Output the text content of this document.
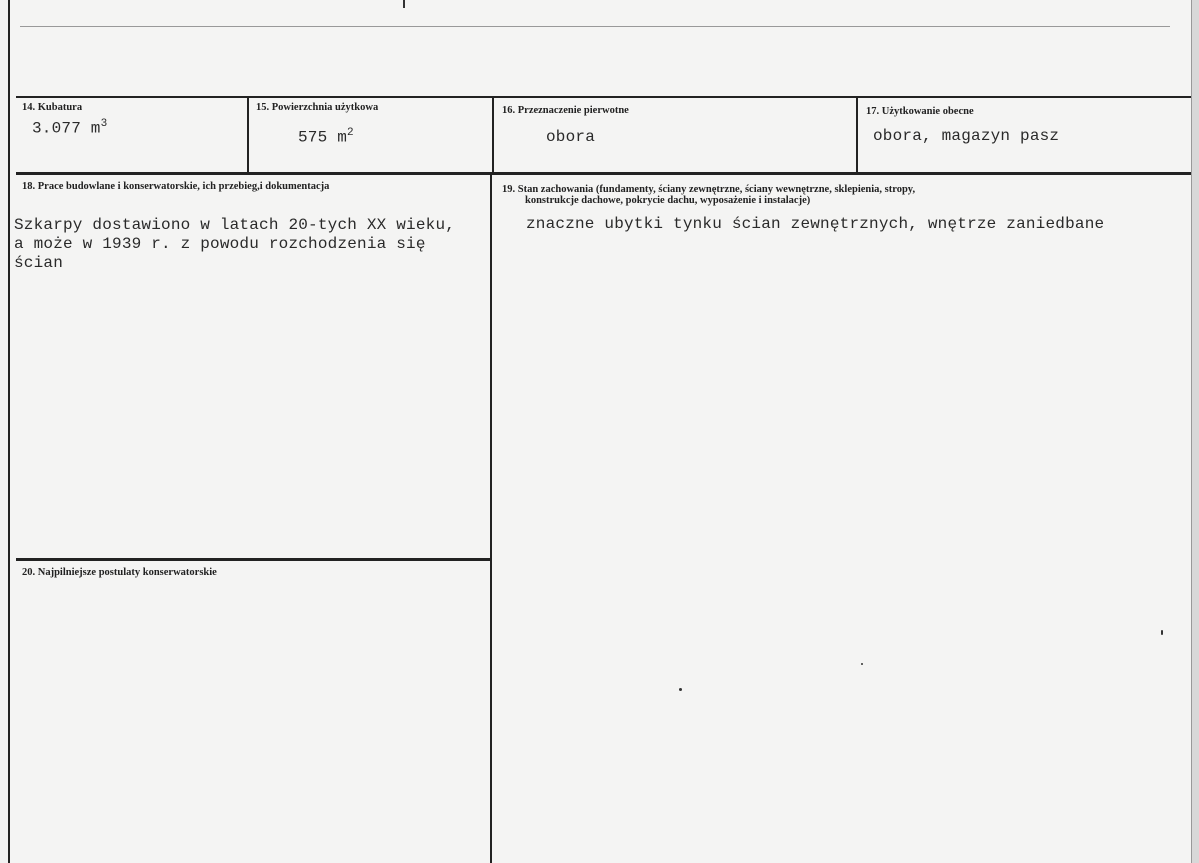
14. Kubatura
3.077 $m^3$
15. Powierzchnia użytkowa
575 $m^2$
16. Przeznaczenie pierwotne
obora
17. Użytkowanie obecne
obora, magazyn pasz
18. Prace budowlane i konserwatorskie, ich przebieg,i dokumentacja
Szkarpy dostawiono w latach 20-tych XX wieku,
a może w 1939 r. z powodu rozchodzenia się
ścian
19. Stan zachowania (fundamenty, ściany zewnętrzne, ściany wewnętrzne, sklepienia, stropy,
konstrukcje dachowe, pokrycie dachu, wyposażenie i instalacje)
znaczne ubytki tynku ścian zewnętrznych, wnętrze zaniedbane
20. Najpilniejsze postulaty konserwatorskie
